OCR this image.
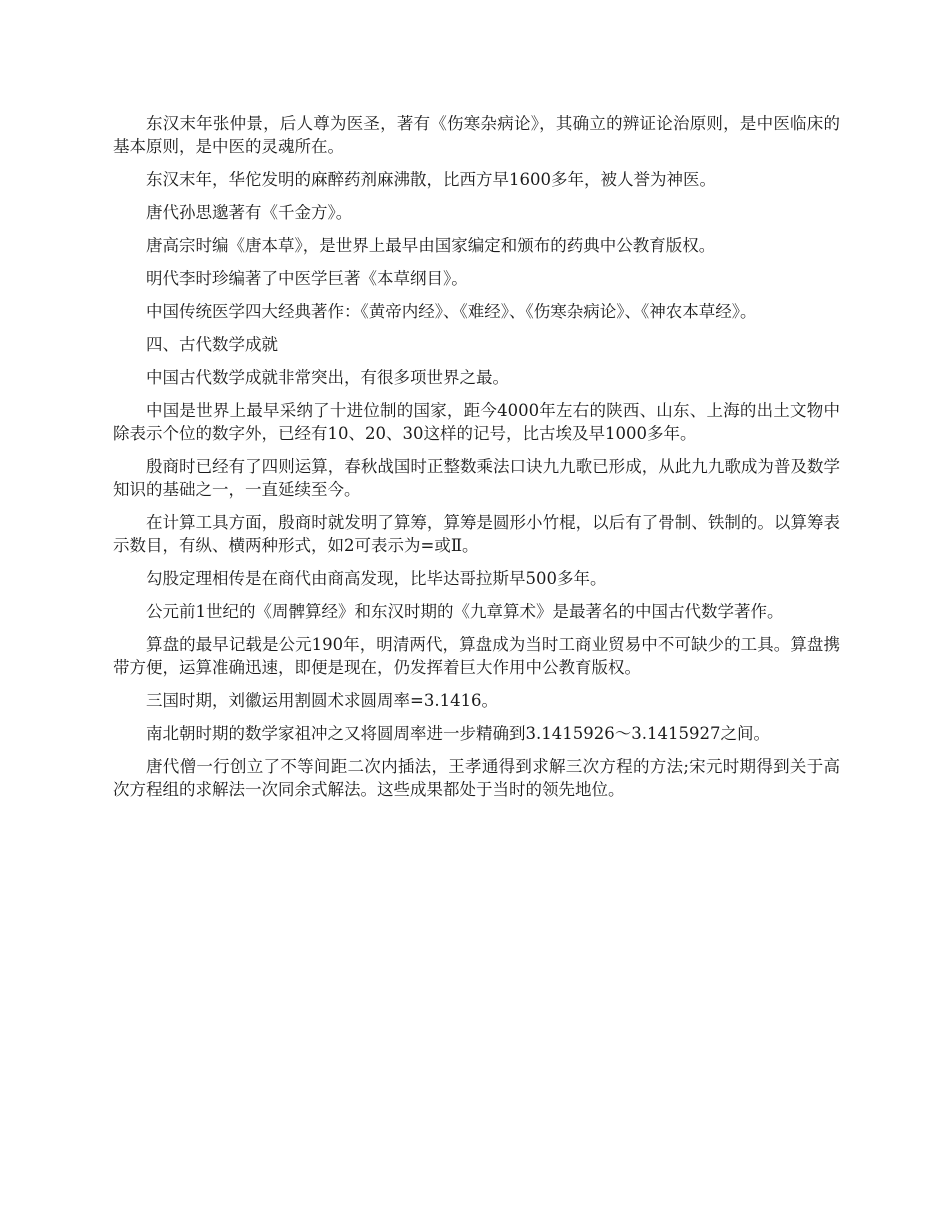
东汉末年张仲景，后人尊为医圣，著有《伤寒杂病论》，其确立的辨证论治原则，是中医临床的基本原则，是中医的灵魂所在。

东汉末年，华佗发明的麻醉药剂麻沸散，比西方早1600多年，被人誉为神医。

唐代孙思邈著有《千金方》。

唐高宗时编《唐本草》，是世界上最早由国家编定和颁布的药典中公教育版权。

明代李时珍编著了中医学巨著《本草纲目》。

中国传统医学四大经典著作：《黄帝内经》、《难经》、《伤寒杂病论》、《神农本草经》。

四、古代数学成就

中国古代数学成就非常突出，有很多项世界之最。

中国是世界上最早采纳了十进位制的国家，距今4000年左右的陕西、山东、上海的出土文物中除表示个位的数字外，已经有10、20、30这样的记号，比古埃及早1000多年。

殷商时已经有了四则运算，春秋战国时正整数乘法口诀九九歌已形成，从此九九歌成为普及数学知识的基础之一，一直延续至今。

在计算工具方面，殷商时就发明了算筹，算筹是圆形小竹棍，以后有了骨制、铁制的。以算筹表示数目，有纵、横两种形式，如2可表示为=或Ⅱ。

勾股定理相传是在商代由商高发现，比毕达哥拉斯早500多年。

公元前1世纪的《周髀算经》和东汉时期的《九章算术》是最著名的中国古代数学著作。

算盘的最早记载是公元190年，明清两代，算盘成为当时工商业贸易中不可缺少的工具。算盘携带方便，运算准确迅速，即便是现在，仍发挥着巨大作用中公教育版权。

三国时期，刘徽运用割圆术求圆周率=3.1416。

南北朝时期的数学家祖冲之又将圆周率进一步精确到3.1415926～3.1415927之间。

唐代僧一行创立了不等间距二次内插法，王孝通得到求解三次方程的方法;宋元时期得到关于高次方程组的求解法一次同余式解法。这些成果都处于当时的领先地位。
